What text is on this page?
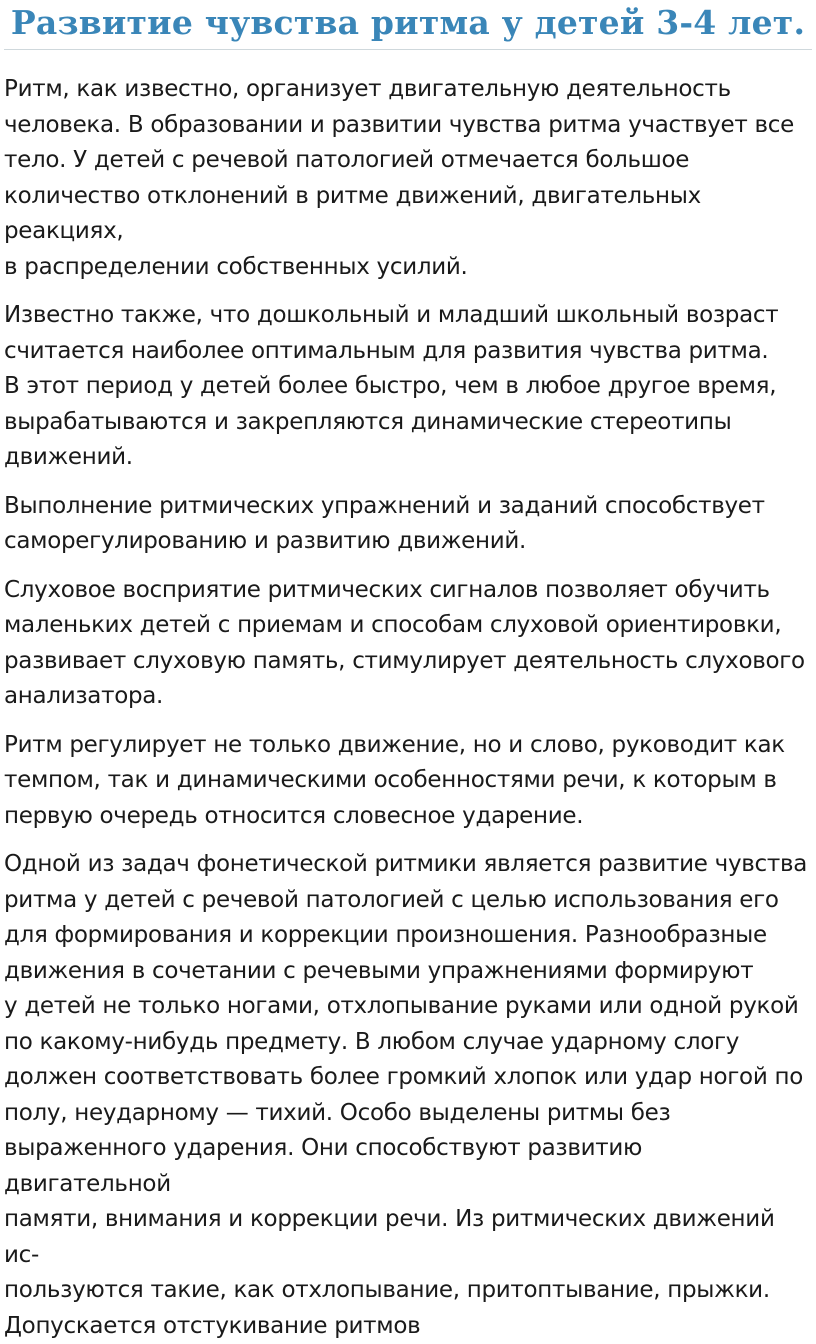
Развитие чувства ритма у детей 3-4 лет.

Ритм, как известно, организует двигательную деятельность
человека. В образовании и развитии чувства ритма участвует все
тело. У детей с речевой патологией отмечается большое
количество отклонений в ритме движений, двигательных реакциях,
в распределении собственных усилий.

Известно также, что дошкольный и младший школьный возраст
считается наиболее оптимальным для развития чувства ритма.
В этот период у детей более быстро, чем в любое другое время,
вырабатываются и закрепляются динамические стереотипы
движений.

Выполнение ритмических упражнений и заданий способствует
саморегулированию и развитию движений.

Слуховое восприятие ритмических сигналов позволяет обучить
маленьких детей с приемам и способам слуховой ориентировки,
развивает слуховую память, стимулирует деятельность слухового
анализатора.

Ритм регулирует не только движение, но и слово, руководит как
темпом, так и динамическими особенностями речи, к которым в
первую очередь относится словесное ударение.

Одной из задач фонетической ритмики является развитие чувства
ритма у детей с речевой патологией с целью использования его
для формирования и коррекции произношения. Разнообразные
движения в сочетании с речевыми упражнениями формируют
у детей не только ногами, отхлопывание руками или одной рукой
по какому-нибудь предмету. В любом случае ударному слогу
должен соответствовать более громкий хлопок или удар ногой по
полу, неударному — тихий. Особо выделены ритмы без
выраженного ударения. Они способствуют развитию двигательной
памяти, внимания и коррекции речи. Из ритмических движений ис-
пользуются такие, как отхлопывание, притоптывание, прыжки.
Допускается отстукивание ритмов
